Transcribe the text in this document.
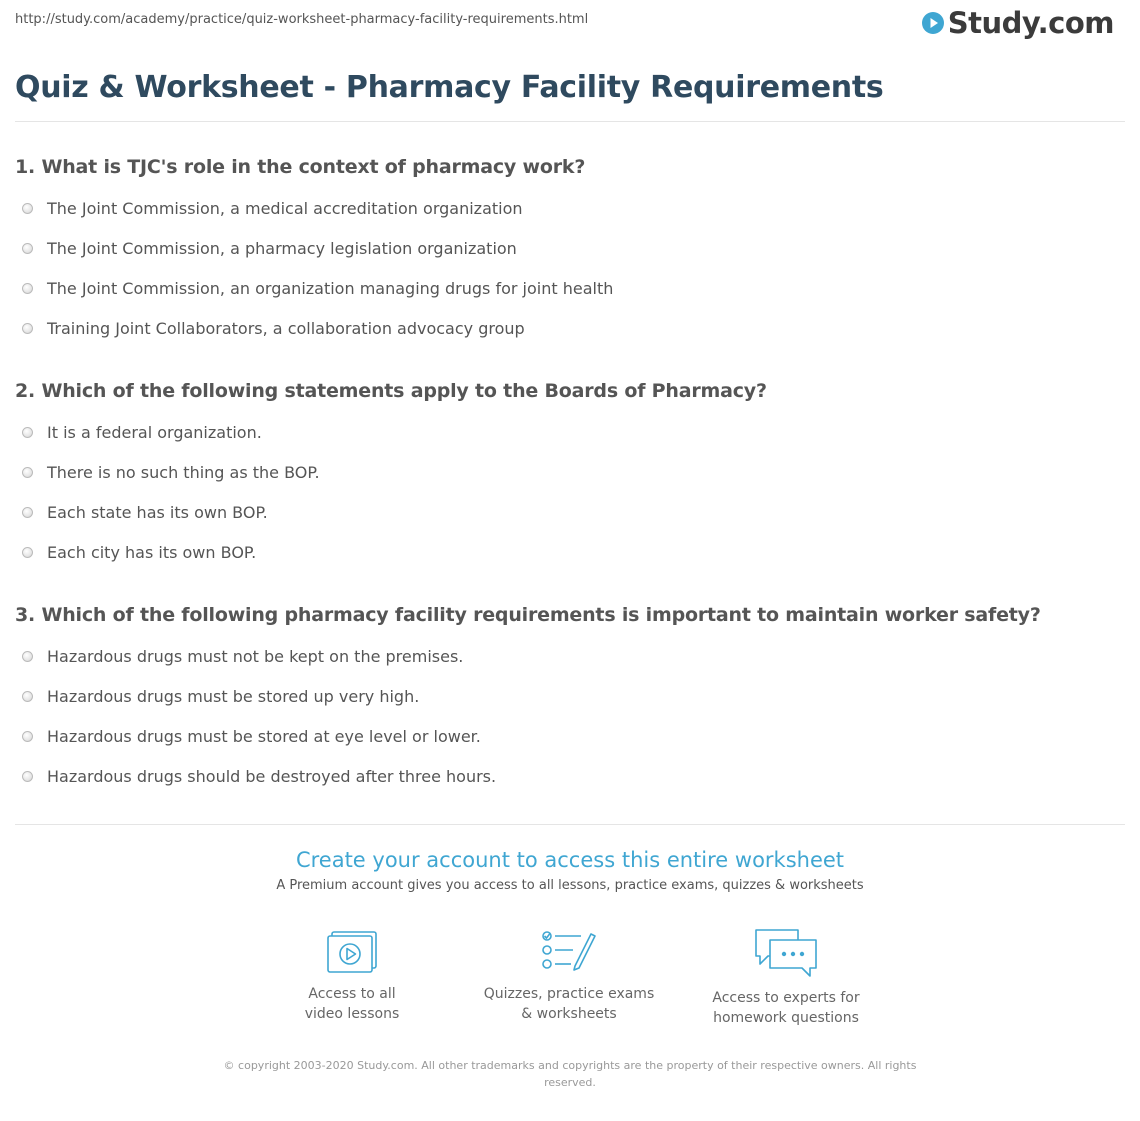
http://study.com/academy/practice/quiz-worksheet-pharmacy-facility-requirements.html	Study.com
Quiz & Worksheet - Pharmacy Facility Requirements
1. What is TJC's role in the context of pharmacy work?
The Joint Commission, a medical accreditation organization
The Joint Commission, a pharmacy legislation organization
The Joint Commission, an organization managing drugs for joint health
Training Joint Collaborators, a collaboration advocacy group
2. Which of the following statements apply to the Boards of Pharmacy?
It is a federal organization.
There is no such thing as the BOP.
Each state has its own BOP.
Each city has its own BOP.
3. Which of the following pharmacy facility requirements is important to maintain worker safety?
Hazardous drugs must not be kept on the premises.
Hazardous drugs must be stored up very high.
Hazardous drugs must be stored at eye level or lower.
Hazardous drugs should be destroyed after three hours.
Create your account to access this entire worksheet
A Premium account gives you access to all lessons, practice exams, quizzes & worksheets
Access to all
video lessons
Quizzes, practice exams
& worksheets
Access to experts for
homework questions
© copyright 2003-2020 Study.com. All other trademarks and copyrights are the property of their respective owners. All rights reserved.
